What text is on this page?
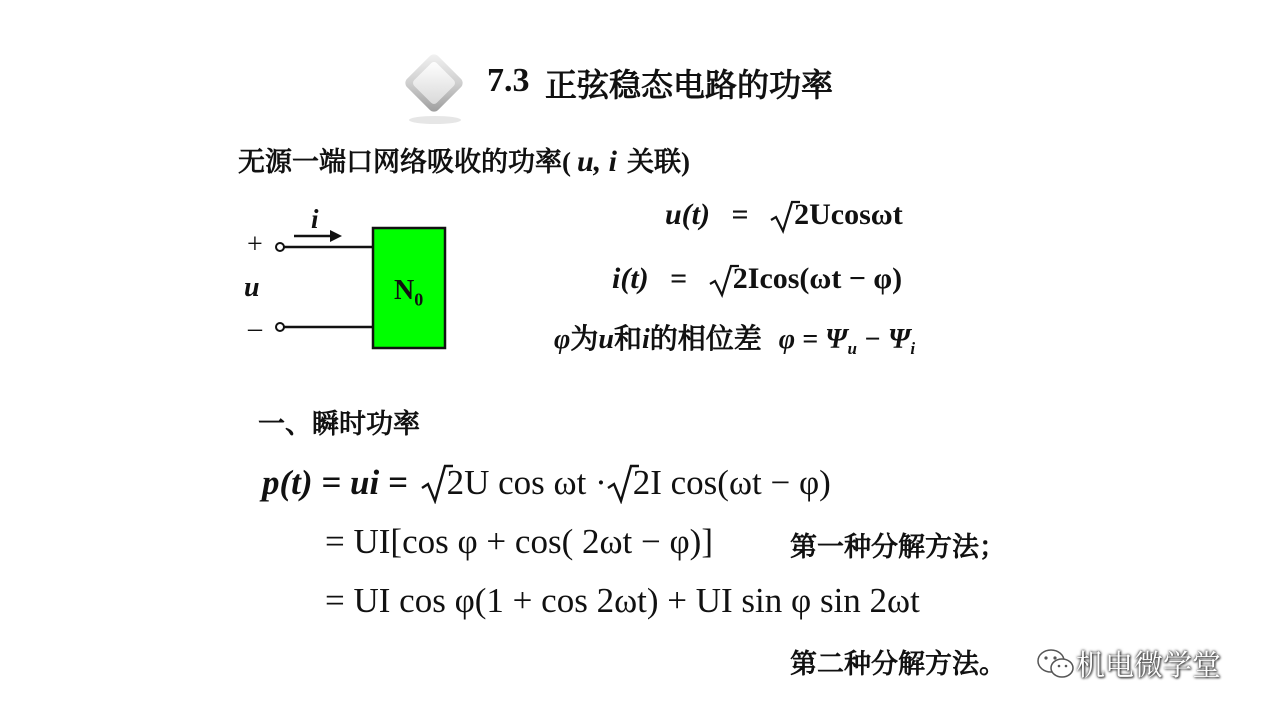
7.3 正弦稳态电路的功率
无源一端口网络吸收的功率( u, i 关联)
i
+
u
–
$N_0$
u(t) = 2Ucosωt
i(t) = 2Icos(ωt − φ)
φ为u和i的相位差 $\varphi = \Psi_u - \Psi_i$
一、瞬时功率
p(t) = ui =
2U cos ωt ·
2I cos(ωt − φ)
= UI[cos φ + cos( 2ωt − φ)]
= UI cos φ(1 + cos 2ωt) + UI sin φ sin 2ωt
第一种分解方法；
第二种分解方法。 机电微学堂
